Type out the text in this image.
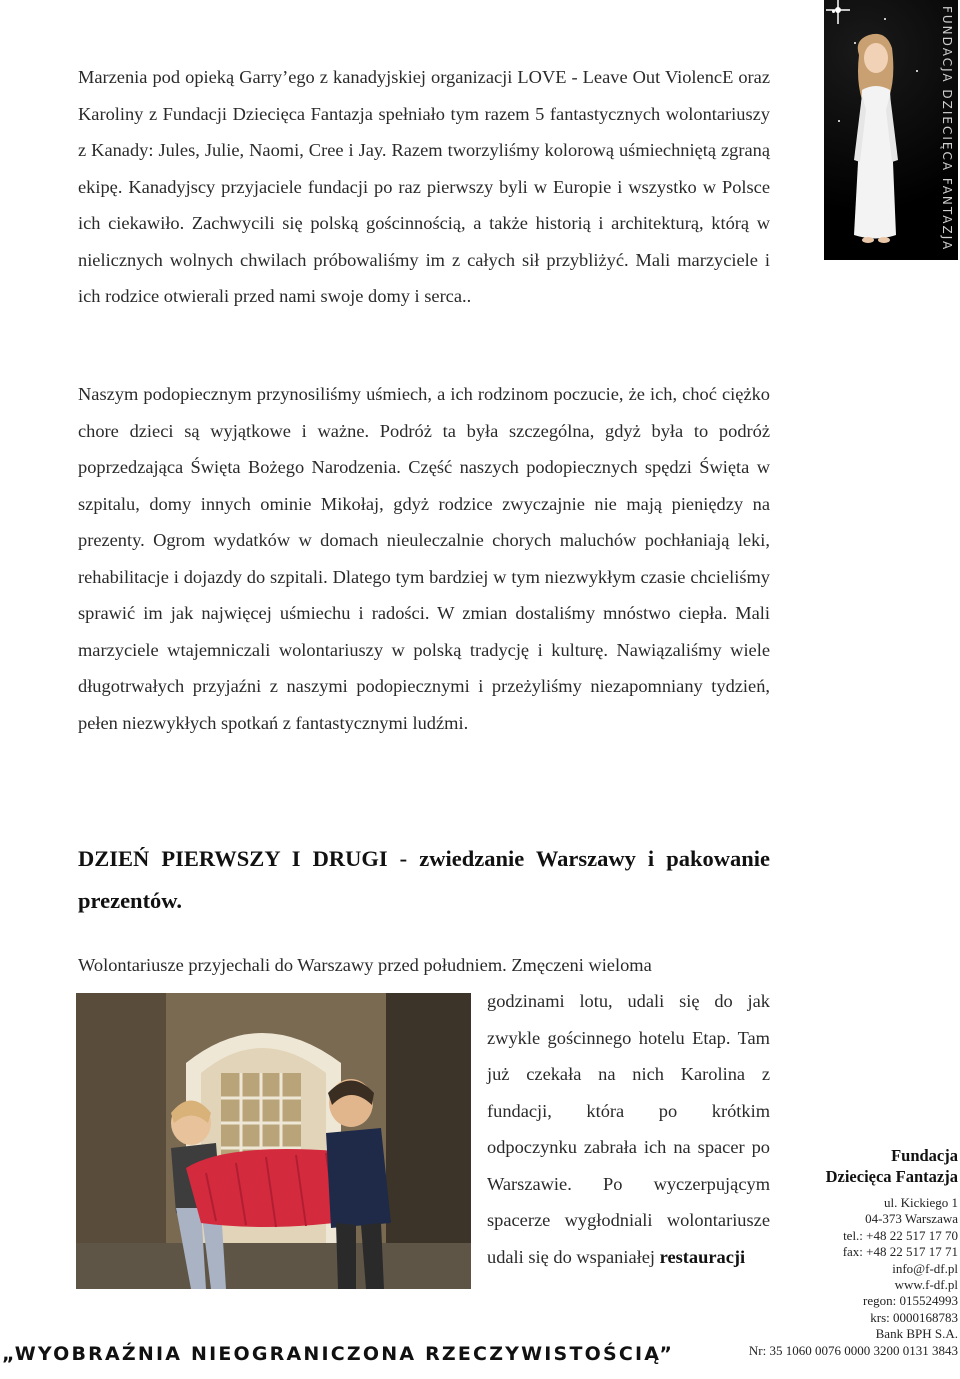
FUNDACJA DZIECIĘCA FANTAZJA

Marzenia pod opieką Garry’ego z kanadyjskiej organizacji LOVE - Leave Out ViolencE oraz Karoliny z Fundacji Dziecięca Fantazja spełniało tym razem 5 fantastycznych wolontariuszy z Kanady: Jules, Julie, Naomi, Cree i Jay. Razem tworzyliśmy kolorową uśmiechniętą zgraną ekipę. Kanadyjscy przyjaciele fundacji po raz pierwszy byli w Europie i wszystko w Polsce ich ciekawiło. Zachwycili się polską gościnnością, a także historią i architekturą, którą w nielicznych wolnych chwilach próbowaliśmy im z całych sił przybliżyć. Mali marzyciele i ich rodzice otwierali przed nami swoje domy i serca..

Naszym podopiecznym przynosiliśmy uśmiech, a ich rodzinom poczucie, że ich, choć ciężko chore dzieci są wyjątkowe i ważne. Podróż ta była szczególna, gdyż była to podróż poprzedzająca Święta Bożego Narodzenia. Część naszych podopiecznych spędzi Święta w szpitalu, domy innych ominie Mikołaj, gdyż rodzice zwyczajnie nie mają pieniędzy na prezenty. Ogrom wydatków w domach nieuleczalnie chorych maluchów pochłaniają leki, rehabilitacje i dojazdy do szpitali. Dlatego tym bardziej w tym niezwykłym czasie chcieliśmy sprawić im jak najwięcej uśmiechu i radości. W zmian dostaliśmy mnóstwo ciepła. Mali marzyciele wtajemniczali wolontariuszy w polską tradycję i kulturę. Nawiązaliśmy wiele długotrwałych przyjaźni z naszymi podopiecznymi i przeżyliśmy niezapomniany tydzień, pełen niezwykłych spotkań z fantastycznymi ludźmi.

DZIEŃ PIERWSZY I DRUGI - zwiedzanie Warszawy i pakowanie prezentów.

Wolontariusze przyjechali do Warszawy przed południem. Zmęczeni wieloma

godzinami lotu, udali się do jak zwykle gościnnego hotelu Etap. Tam już czekała na nich Karolina z fundacji, która po krótkim odpoczynku zabrała ich na spacer po Warszawie. Po wyczerpującym spacerze wygłodniali wolontariusze udali się do wspaniałej restauracji

Fundacja

Dziecięca Fantazja

ul. Kickiego 1

04-373 Warszawa

tel.: +48 22 517 17 70

fax: +48 22 517 17 71

info@f-df.pl

www.f-df.pl

regon: 015524993

krs: 0000168783

Bank BPH S.A.

Nr: 35 1060 0076 0000 3200 0131 3843

„WYOBRAŹNIA NIEOGRANICZONA RZECZYWISTOŚCIĄ”
